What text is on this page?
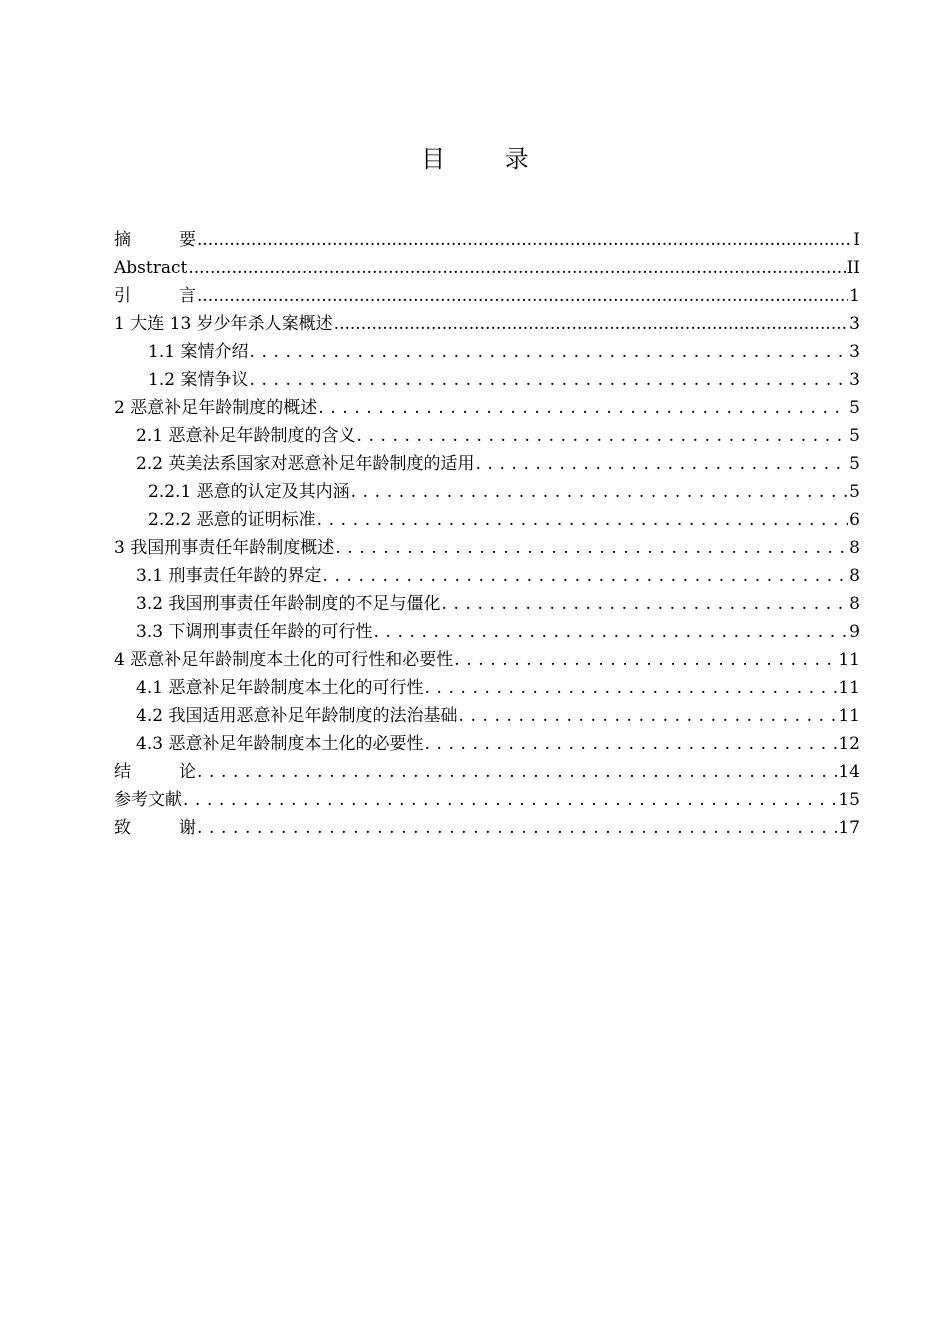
目 录
摘要 .....	I
Abstract .....	II
引言 .....	1
1 大连 13 岁少年杀人案概述 .....	3
1.1 案情介绍 . . .	3
1.2 案情争议 . . .	3
2 恶意补足年龄制度的概述 . . .	5
2.1 恶意补足年龄制度的含义 . . .	5
2.2 英美法系国家对恶意补足年龄制度的适用 . . .	5
2.2.1 恶意的认定及其内涵 . . .	5
2.2.2 恶意的证明标准 . . .	6
3 我国刑事责任年龄制度概述 . . .	8
3.1 刑事责任年龄的界定 . . .	8
3.2 我国刑事责任年龄制度的不足与僵化 . . .	8
3.3 下调刑事责任年龄的可行性 . . .	9
4 恶意补足年龄制度本土化的可行性和必要性 . . .	11
4.1 恶意补足年龄制度本土化的可行性 . . .	11
4.2 我国适用恶意补足年龄制度的法治基础 . . .	11
4.3 恶意补足年龄制度本土化的必要性 . . .	12
结论 . . .	14
参考文献 . . .	15
致谢 . . .	17
